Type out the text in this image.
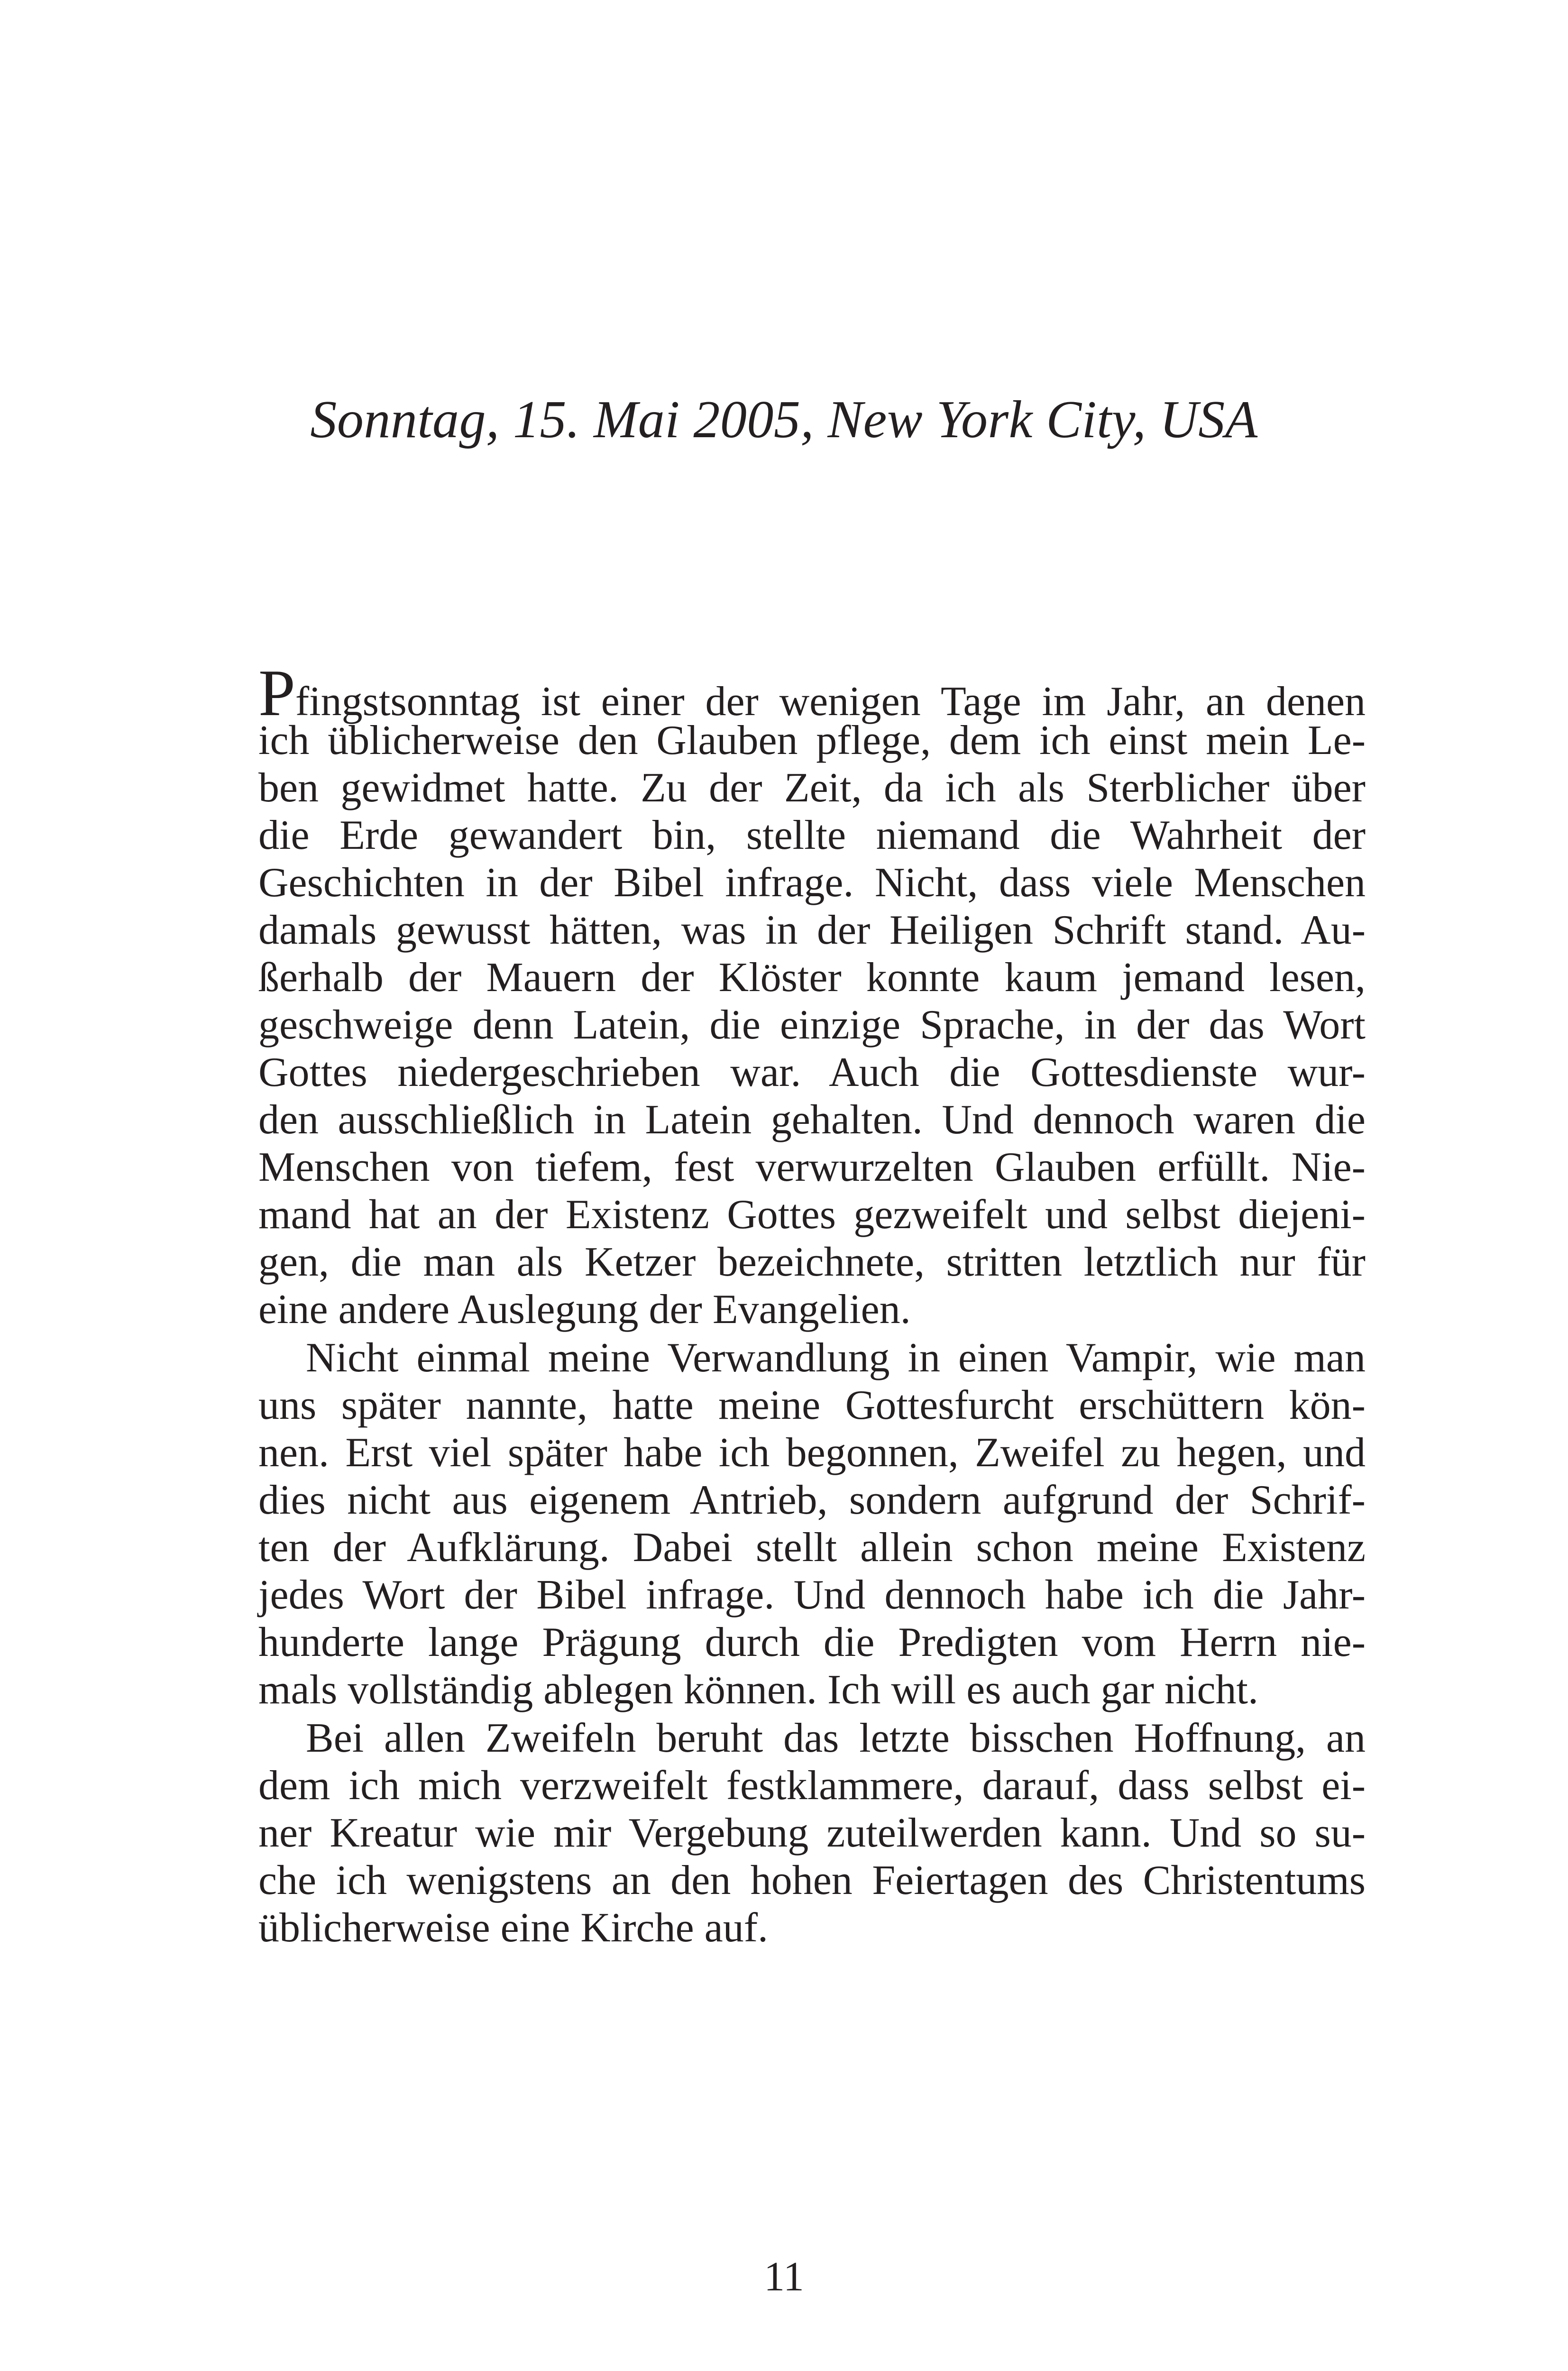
Sonntag, 15. Mai 2005, New York City, USA
Pfingstsonntag ist einer der wenigen Tage im Jahr, an denen
ich üblicherweise den Glauben pflege, dem ich einst mein Le-
ben gewidmet hatte. Zu der Zeit, da ich als Sterblicher über
die Erde gewandert bin, stellte niemand die Wahrheit der
Geschichten in der Bibel infrage. Nicht, dass viele Menschen
damals gewusst hätten, was in der Heiligen Schrift stand. Au-
ßerhalb der Mauern der Klöster konnte kaum jemand lesen,
geschweige denn Latein, die einzige Sprache, in der das Wort
Gottes niedergeschrieben war. Auch die Gottesdienste wur-
den ausschließlich in Latein gehalten. Und dennoch waren die
Menschen von tiefem, fest verwurzelten Glauben erfüllt. Nie-
mand hat an der Existenz Gottes gezweifelt und selbst diejeni-
gen, die man als Ketzer bezeichnete, stritten letztlich nur für
eine andere Auslegung der Evangelien.
Nicht einmal meine Verwandlung in einen Vampir, wie man
uns später nannte, hatte meine Gottesfurcht erschüttern kön-
nen. Erst viel später habe ich begonnen, Zweifel zu hegen, und
dies nicht aus eigenem Antrieb, sondern aufgrund der Schrif-
ten der Aufklärung. Dabei stellt allein schon meine Existenz
jedes Wort der Bibel infrage. Und dennoch habe ich die Jahr-
hunderte lange Prägung durch die Predigten vom Herrn nie-
mals vollständig ablegen können. Ich will es auch gar nicht.
Bei allen Zweifeln beruht das letzte bisschen Hoffnung, an
dem ich mich verzweifelt festklammere, darauf, dass selbst ei-
ner Kreatur wie mir Vergebung zuteilwerden kann. Und so su-
che ich wenigstens an den hohen Feiertagen des Christentums
üblicherweise eine Kirche auf.
11
